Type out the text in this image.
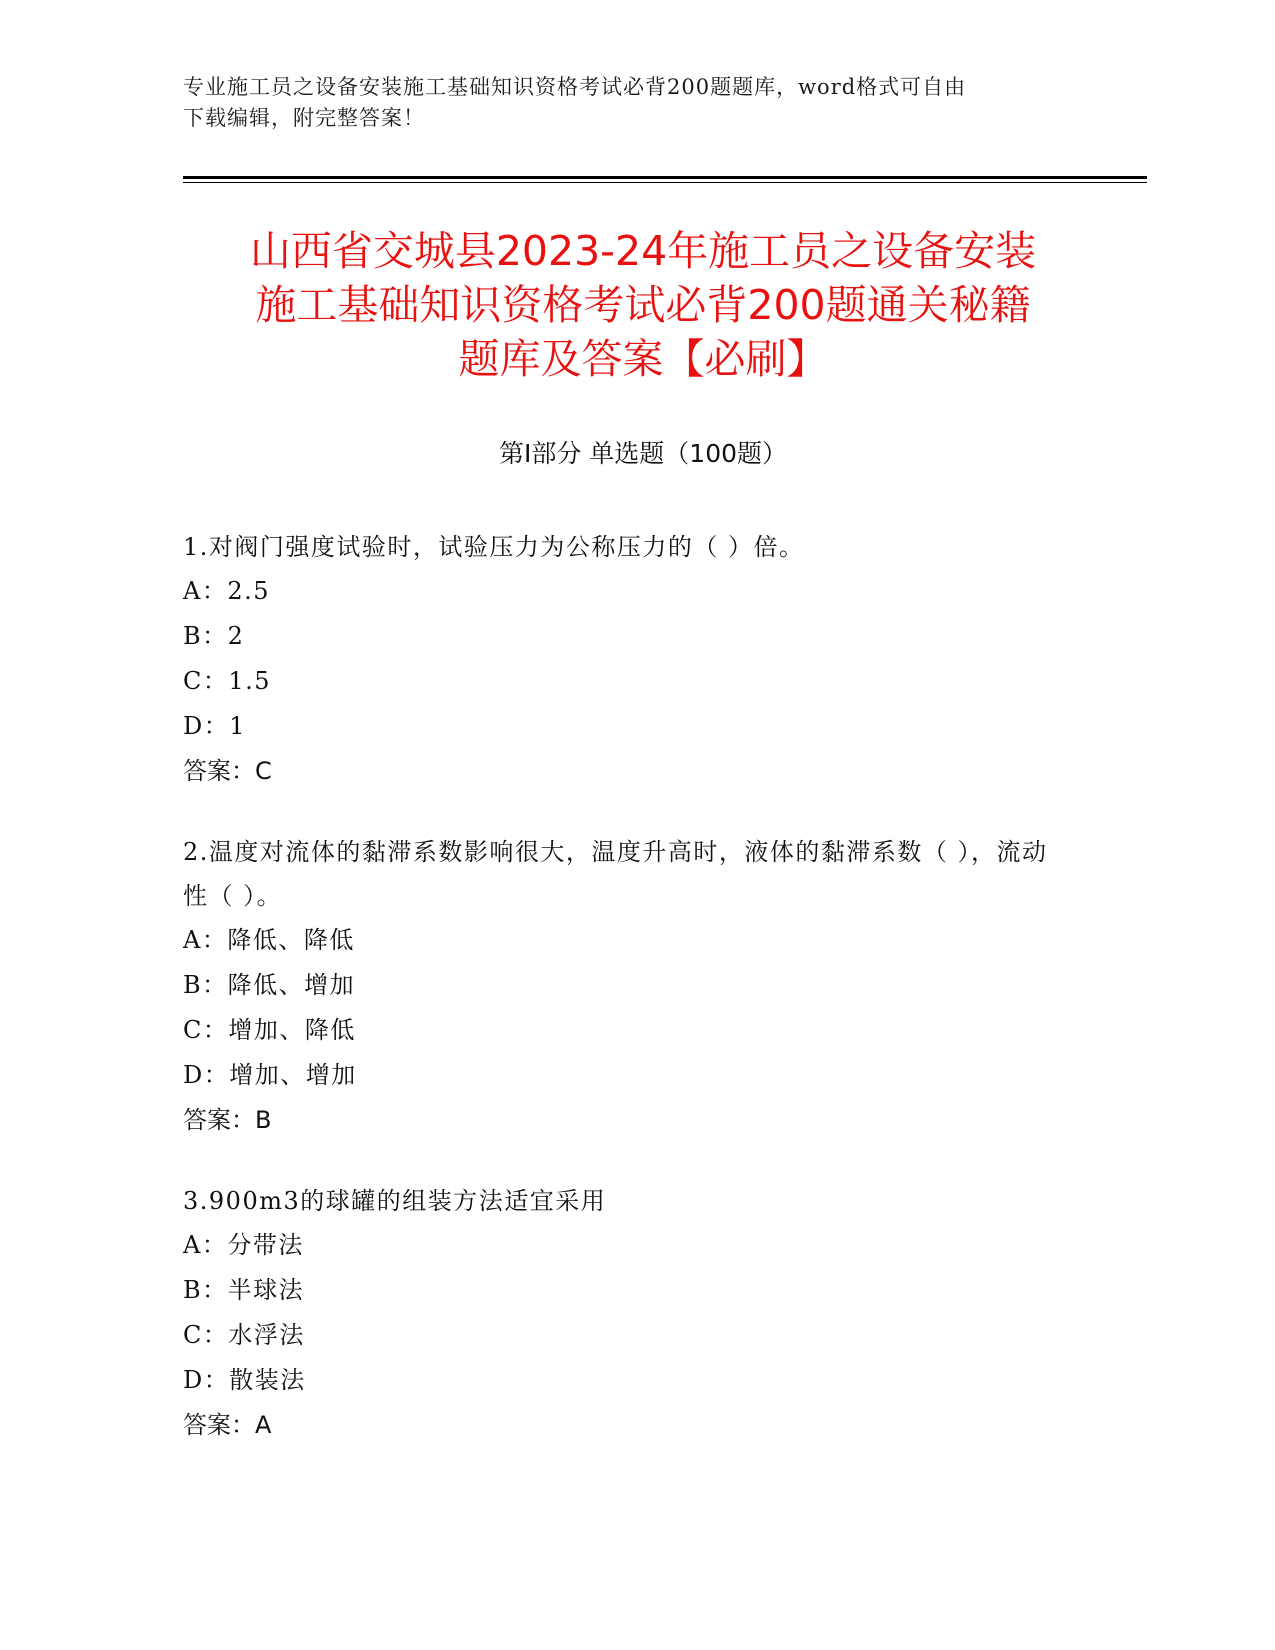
专业施工员之设备安装施工基础知识资格考试必背200题题库，word格式可自由
下载编辑，附完整答案！
山西省交城县2023-24年施工员之设备安装
施工基础知识资格考试必背200题通关秘籍
题库及答案【必刷】
第Ⅰ部分 单选题（100题）
1.对阀门强度试验时，试验压力为公称压力的（ ）倍。
A：2.5
B：2
C：1.5
D：1
答案：C
2.温度对流体的黏滞系数影响很大，温度升高时，液体的黏滞系数（ ），流动性（ ）。
A：降低、降低
B：降低、增加
C：增加、降低
D：增加、增加
答案：B
3.900m3的球罐的组装方法适宜采用
A：分带法
B：半球法
C：水浮法
D：散装法
答案：A
